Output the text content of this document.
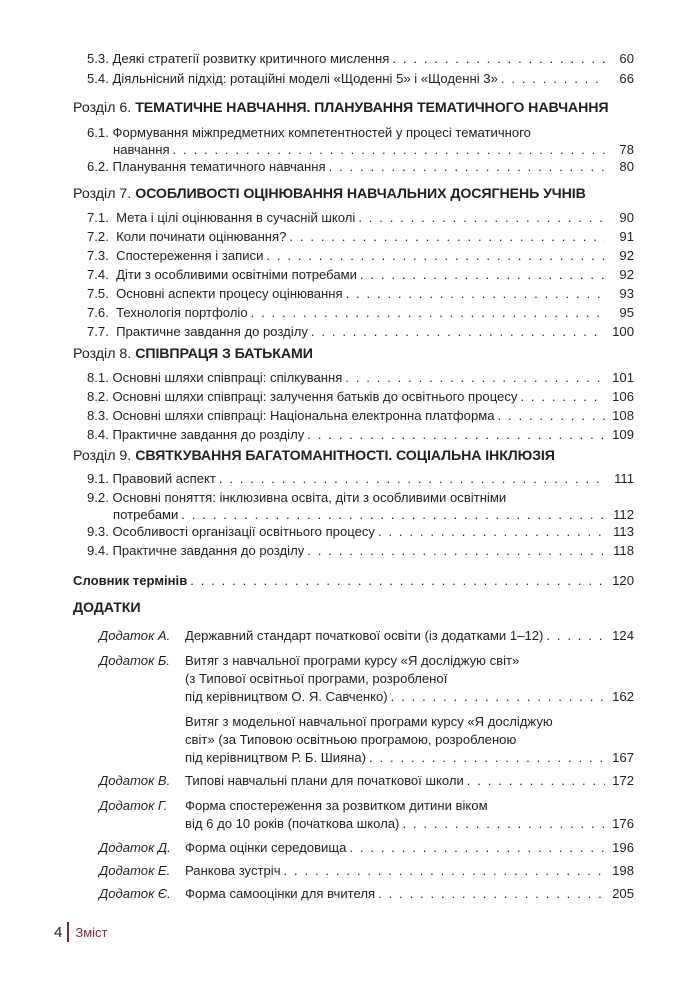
5.3.
Деякі стратегії розвитку критичного мислення . . .	60
5.4.
Діяльнісний підхід: ротаційні моделі «Щоденні 5» і «Щоденні 3» . . .	66
Розділ 6. ТЕМАТИЧНЕ НАВЧАННЯ. ПЛАНУВАННЯ ТЕМАТИЧНОГО НАВЧАННЯ
6.1. Формування міжпредметних компетентностей у процесі тематичного
навчання . . .	78
6.2.
Планування тематичного навчання . . .	80
Розділ 7. ОСОБЛИВОСТІ ОЦІНЮВАННЯ НАВЧАЛЬНИХ ДОСЯГНЕНЬ УЧНІВ
7.1.
Мета і цілі оцінювання в сучасній школі . . .	90
7.2.
Коли починати оцінювання? . . .	91
7.3.
Спостереження і записи . . .	92
7.4.
Діти з особливими освітніми потребами . . .	92
7.5.
Основні аспекти процесу оцінювання . . .	93
7.6.
Технологія портфоліо . . .	95
7.7.
Практичне завдання до розділу . . .	100
Розділ 8. СПІВПРАЦЯ З БАТЬКАМИ
8.1.
Основні шляхи співпраці: спілкування . . .	101
8.2.
Основні шляхи співпраці: залучення батьків до освітнього процесу . . .	106
8.3.
Основні шляхи співпраці: Національна електронна платформа . . .	108
8.4.
Практичне завдання до розділу . . .	109
Розділ 9. СВЯТКУВАННЯ БАГАТОМАНІТНОСТІ. СОЦІАЛЬНА ІНКЛЮЗІЯ
9.1.
Правовий аспект . . .	111
9.2. Основні поняття: інклюзивна освіта, діти з особливими освітніми
потребами . . .	112
9.3.
Особливості організації освітнього процесу . . .	113
9.4.
Практичне завдання до розділу . . .	118
Словник термінів . . .	120
ДОДАТКИ
Додаток А. Державний стандарт початкової освіти (із додатками 1–12) . . .	124
Додаток Б. Витяг з навчальної програми курсу «Я досліджую світ»
(з Типової освітньої програми, розробленої
під керівництвом О. Я. Савченко) . . .	162
Витяг з модельної навчальної програми курсу «Я досліджую
світ» (за Типовою освітньою програмою, розробленою
під керівництвом Р. Б. Шияна) . . .	167
Додаток В. Типові навчальні плани для початкової школи . . .	172
Додаток Г. Форма спостереження за розвитком дитини віком
від 6 до 10 років (початкова школа) . . .	176
Додаток Д. Форма оцінки середовища . . .	196
Додаток Е. Ранкова зустріч . . .	198
Додаток Є. Форма самооцінки для вчителя . . .	205
4 Зміст
